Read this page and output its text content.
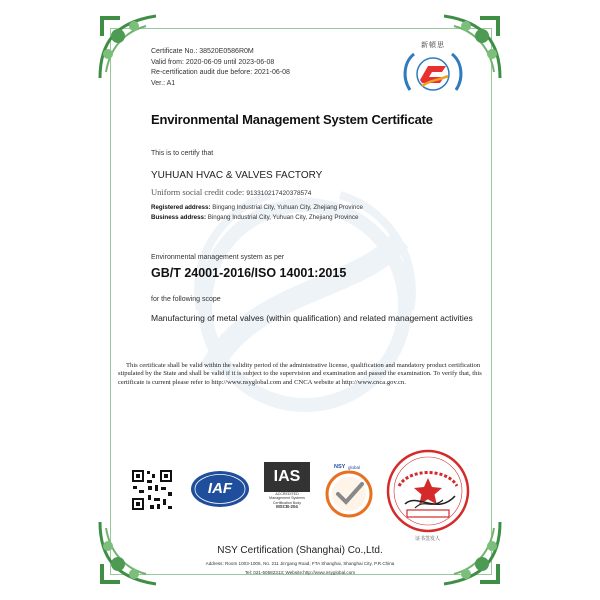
新頓思
Certificate No.: 38520E0586R0M
Valid from: 2020-06-09 until 2023-06-08
Re-certification audit due before: 2021-06-08
Ver.: A1
Environmental Management System Certificate
This is to certify that
YUHUAN HVAC & VALVES FACTORY
Uniform social credit code: 913310217420378574
Registered address: Bingang Industrial City, Yuhuan City, Zhejiang Province
Business address: Bingang Industrial City, Yuhuan City, Zhejiang Province
Environmental management system as per
GB/T 24001-2016/ISO 14001:2015
for the following scope
Manufacturing of metal valves (within qualification) and related management activities
This certificate shall be valid within the validity period of the administrative license, qualification and mandatory product certification stipulated by the State and shall be valid if it is subject to the supervision and examination and passed the examination. To verify that, this certificate is current please refer to http://www.nsyglobal.com and CNCA website at http://www.cnca.gov.cn.
IAF
IAS
ACCREDITED
Management Systems
Certification Body
MSCB-204
NSY global
证书签发人
NSY Certification (Shanghai) Co.,Ltd.
Address: Room 1003-1005, No. 211 Jin'gang Road, FTA Shanghai, Shanghai City, P.R.China
Tel: 021-50582313; Website:http://www.nsyglobal.com
